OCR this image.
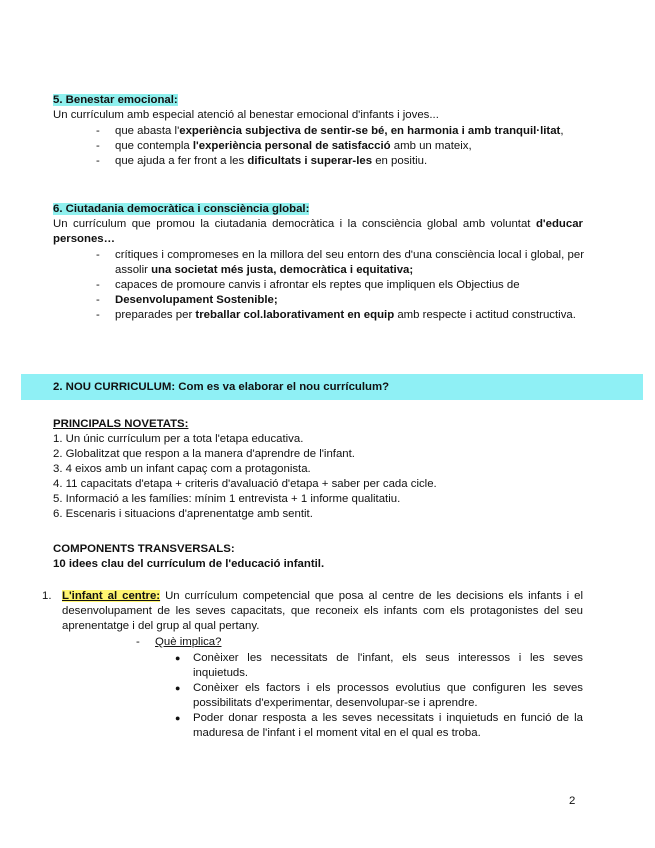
5. Benestar emocional:

Un currículum amb especial atenció al benestar emocional d'infants i joves...

- que abasta l'experiència subjectiva de sentir-se bé, en harmonia i amb tranquil·litat,
- que contempla l'experiència personal de satisfacció amb un mateix,
- que ajuda a fer front a les dificultats i superar-les en positiu.

6. Ciutadania democràtica i consciència global:

Un currículum que promou la ciutadania democràtica i la consciència global amb voluntat d'educar persones…

- crítiques i compromeses en la millora del seu entorn des d'una consciència local i global, per assolir una societat més justa, democràtica i equitativa;
- capaces de promoure canvis i afrontar els reptes que impliquen els Objectius de
- Desenvolupament Sostenible;
- preparades per treballar col.laborativament en equip amb respecte i actitud constructiva.
2. NOU CURRICULUM: Com es va elaborar el nou currículum?

PRINCIPALS NOVETATS:

1. Un únic currículum per a tota l'etapa educativa.

2. Globalitzat que respon a la manera d'aprendre de l'infant.

3. 4 eixos amb un infant capaç com a protagonista.

4. 11 capacitats d'etapa + criteris d'avaluació d'etapa + saber per cada cicle.

5. Informació a les famílies: mínim 1 entrevista + 1 informe qualitatiu.

6. Escenaris i situacions d'aprenentatge amb sentit.

COMPONENTS TRANSVERSALS:

10 idees clau del currículum de l'educació infantil.

1. L'infant al centre: Un currículum competencial que posa al centre de les decisions els infants i el desenvolupament de les seves capacitats, que reconeix els infants com els protagonistes del seu aprenentatge i del grup al qual pertany.

- Què implica?

● Conèixer les necessitats de l'infant, els seus interessos i les seves inquietuds.
● Conèixer els factors i els processos evolutius que configuren les seves possibilitats d'experimentar, desenvolupar-se i aprendre.
● Poder donar resposta a les seves necessitats i inquietuds en funció de la maduresa de l'infant i el moment vital en el qual es troba.

2
